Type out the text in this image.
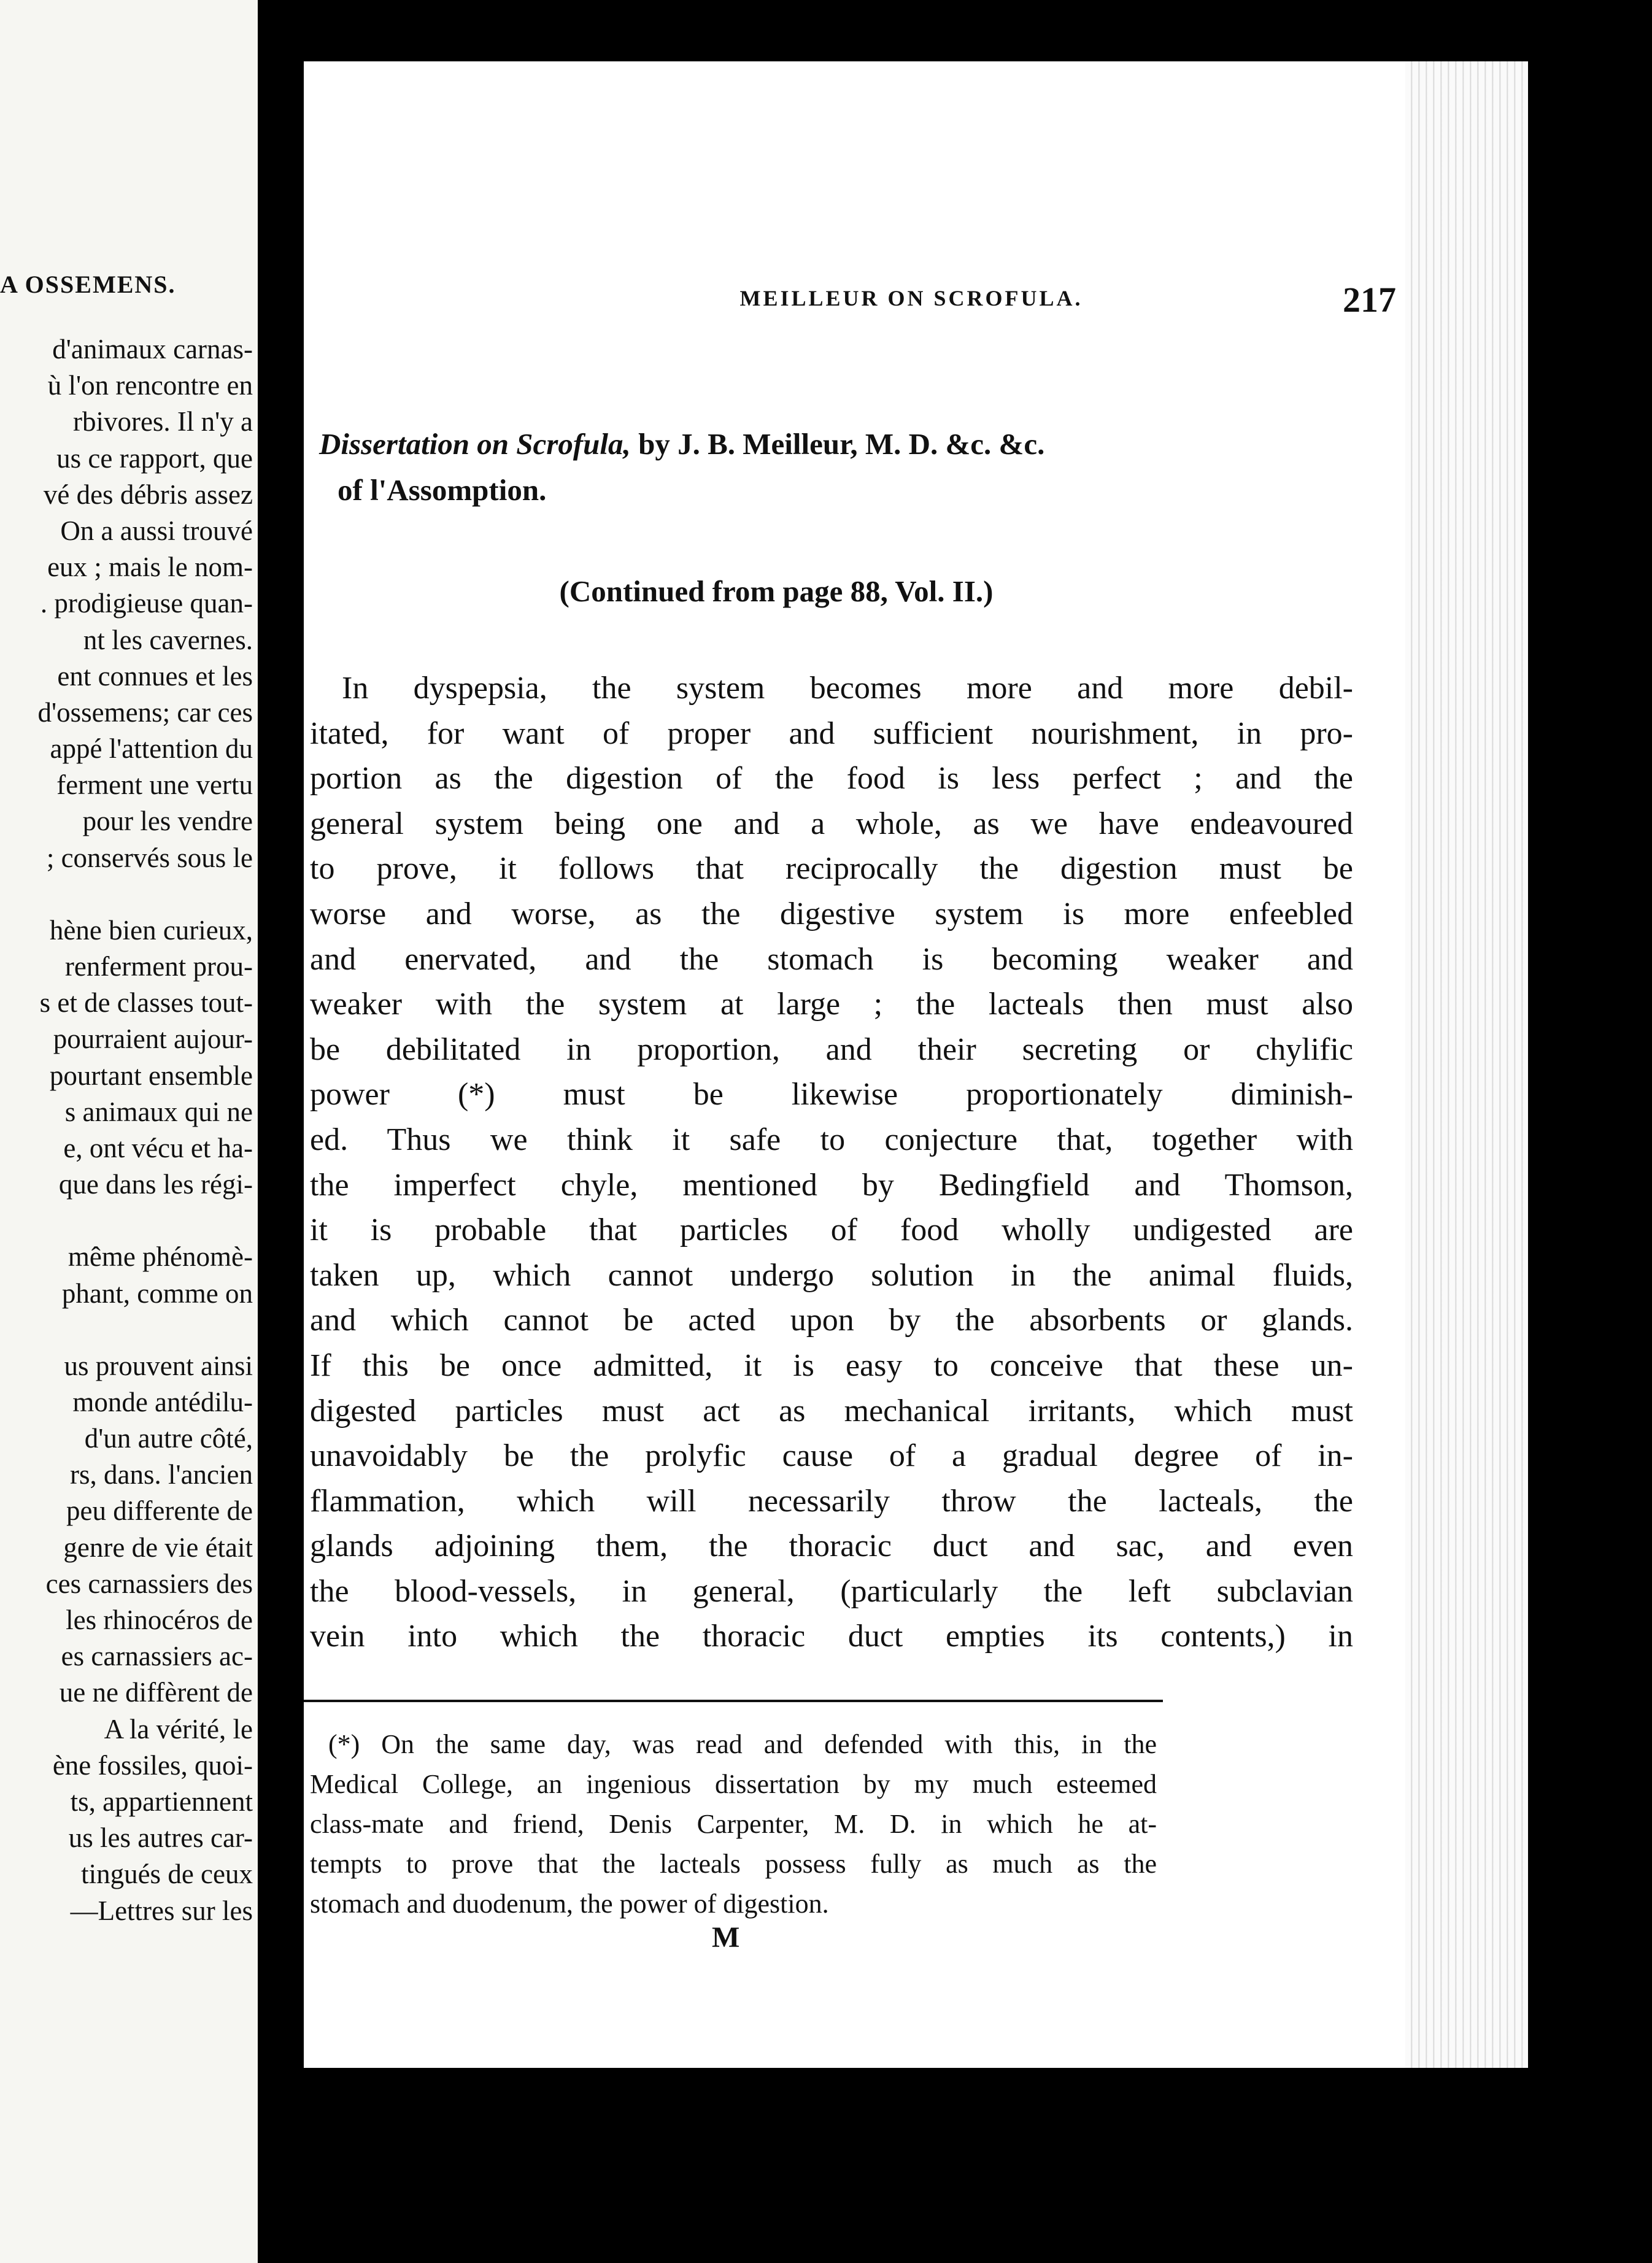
A OSSEMENS.
d'animaux carnas-
ù l'on rencontre en
rbivores. Il n'y a
us ce rapport, que
vé des débris assez
On a aussi trouvé
eux ; mais le nom-
. prodigieuse quan-
nt les cavernes.
ent connues et les
d'ossemens; car ces
appé l'attention du
ferment une vertu
pour les vendre
; conservés sous le
hène bien curieux,
renferment prou-
s et de classes tout-
pourraient aujour-
pourtant ensemble
s animaux qui ne
e, ont vécu et ha-
que dans les régi-
même phénomè-
phant, comme on
us prouvent ainsi
monde antédilu-
d'un autre côté,
rs, dans. l'ancien
peu differente de
genre de vie était
ces carnassiers des
les rhinocéros de
es carnassiers ac-
ue ne diffèrent de
A la vérité, le
ène fossiles, quoi-
ts, appartiennent
us les autres car-
tingués de ceux
—Lettres sur les
MEILLEUR ON SCROFULA.	217
Dissertation on Scrofula, by J. B. Meilleur, M. D. &c. &c.
of l'Assomption.
(Continued from page 88, Vol. II.)
In dyspepsia, the system becomes more and more debil-
itated, for want of proper and sufficient nourishment, in pro-
portion as the digestion of the food is less perfect ; and the
general system being one and a whole, as we have endeavoured
to prove, it follows that reciprocally the digestion must be
worse and worse, as the digestive system is more enfeebled
and enervated, and the stomach is becoming weaker and
weaker with the system at large ; the lacteals then must also
be debilitated in proportion, and their secreting or chylific
power (*) must be likewise proportionately diminish-
ed. Thus we think it safe to conjecture that, together with
the imperfect chyle, mentioned by Bedingfield and Thomson,
it is probable that particles of food wholly undigested are
taken up, which cannot undergo solution in the animal fluids,
and which cannot be acted upon by the absorbents or glands.
If this be once admitted, it is easy to conceive that these un-
digested particles must act as mechanical irritants, which must
unavoidably be the prolyfic cause of a gradual degree of in-
flammation, which will necessarily throw the lacteals, the
glands adjoining them, the thoracic duct and sac, and even
the blood-vessels, in general, (particularly the left subclavian
vein into which the thoracic duct empties its contents,) in
(*) On the same day, was read and defended with this, in the
Medical College, an ingenious dissertation by my much esteemed
class-mate and friend, Denis Carpenter, M. D. in which he at-
tempts to prove that the lacteals possess fully as much as the
stomach and duodenum, the power of digestion.
M
